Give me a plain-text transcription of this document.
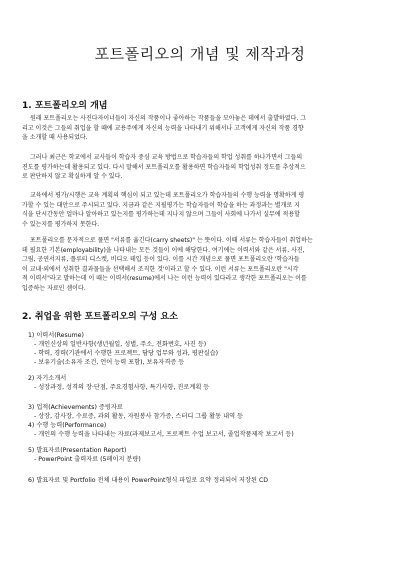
포트폴리오의 개념 및 제작과정
1. 포트폴리오의 개념
원래 포트폴리오는 사진다자이너들이 자신의 작품이나 좋아하는 작품들을 모아놓은 데에서 출발하였다. 그
리고 이것은 그들의 취업을 할 때에 교용주에게 자신의 능력을 나타내기 위해서나 고객에게 자신의 작품 경향
을 소개할 때 사용되었다.
그러나 최근은 학교에서 교사들이 학습자 중심 교육 방법으로 학습자들의 학업 성취를 하나가면서 그들의
진도를 평가하는데 활용되고 있다. 다시 말해서 포트폴리오를 활용하면 학습자들의 학업성취 정도를 추상적으
로 판단하지 않고 확실하게 알 수 있다.
교육에서 평가/시행은 교육 계획의 핵심이 되고 있는데 포트폴리오가 학습자들의 수행 능력을 명확하게 평
가할 수 있는 대안으로 주시되고 있다. 지금과 같은 지필평가는 학습자들이 학습을 하는 과정과는 별개로 지
식을 단시간동안 얼마나 알아하고 있는지를 평가하는데 지나지 않으며 그들이 사회에 나가서 실무에 적용할
수 있는지를 평가하지 못한다.
포트폴리오를 문자적으로 풀면 "서류를 옮긴다(carry sheets)" 는 뜻이다. 이때 서류는 학습자들이 취업하는
데 필요한 기본(employability)을 나타내는 모든 것들이 이에 해당한다. 여기에는 이력서와 같은 서류, 사진,
그림, 공연서지류, 플루티 디스켓, 비디오 테입 등이 있다. 이를 시간 개념으로 풀면 포트폴리오란 '학습자들
이 교내·외에서 성취한 결과물들을 선택해서 조직한 것'이라고 할 수 있다. 이런 서류는 포트폴리오란 "시각
적 이력서"라고 말하는데 이 때는 이력서(resume)에서 나는 이런 능력이 있다라고 생각한 포트폴리오는 이를
입증하는 자료인 셈이다.
2. 취업을 위한 포트폴리오의 구성 요소
1) 이력서(Resume)
- 개인신상의 일반사항(생년월일, 성별, 주소, 전화번호, 사진 등)
- 학력, 경력(기관에서 수행한 프로젝트, 담당 업무와 성과, 평판실습)
- 보유기술(소유자 조건, 언어 능력 포함), 보유자격증 등
2) 자기소개서
- 성장과정, 성격의 장·단점, 주요경험사항, 특기사항, 진로계획 등
3) 업적(Achievements) 증빙자료
- 상장, 감사장, 수료증, 과외 활동, 자원봉사 참가증, 스터디 그룹 활동 내역 등
4) 수행 능력(Performance)
- 개인의 수행 능력을 나타내는 자료(과제보고서, 프로젝트 수업 보고서, 졸업작품제작 보고서 등)
5) 발표자료(Presentation Report)
- PowerPoint 출력자료 (5페이지 분량)
6) 발표자료 및 Portfolio 전체 내용이 PowerPoint형식 파일로 요약 정리되어 저장된 CD
